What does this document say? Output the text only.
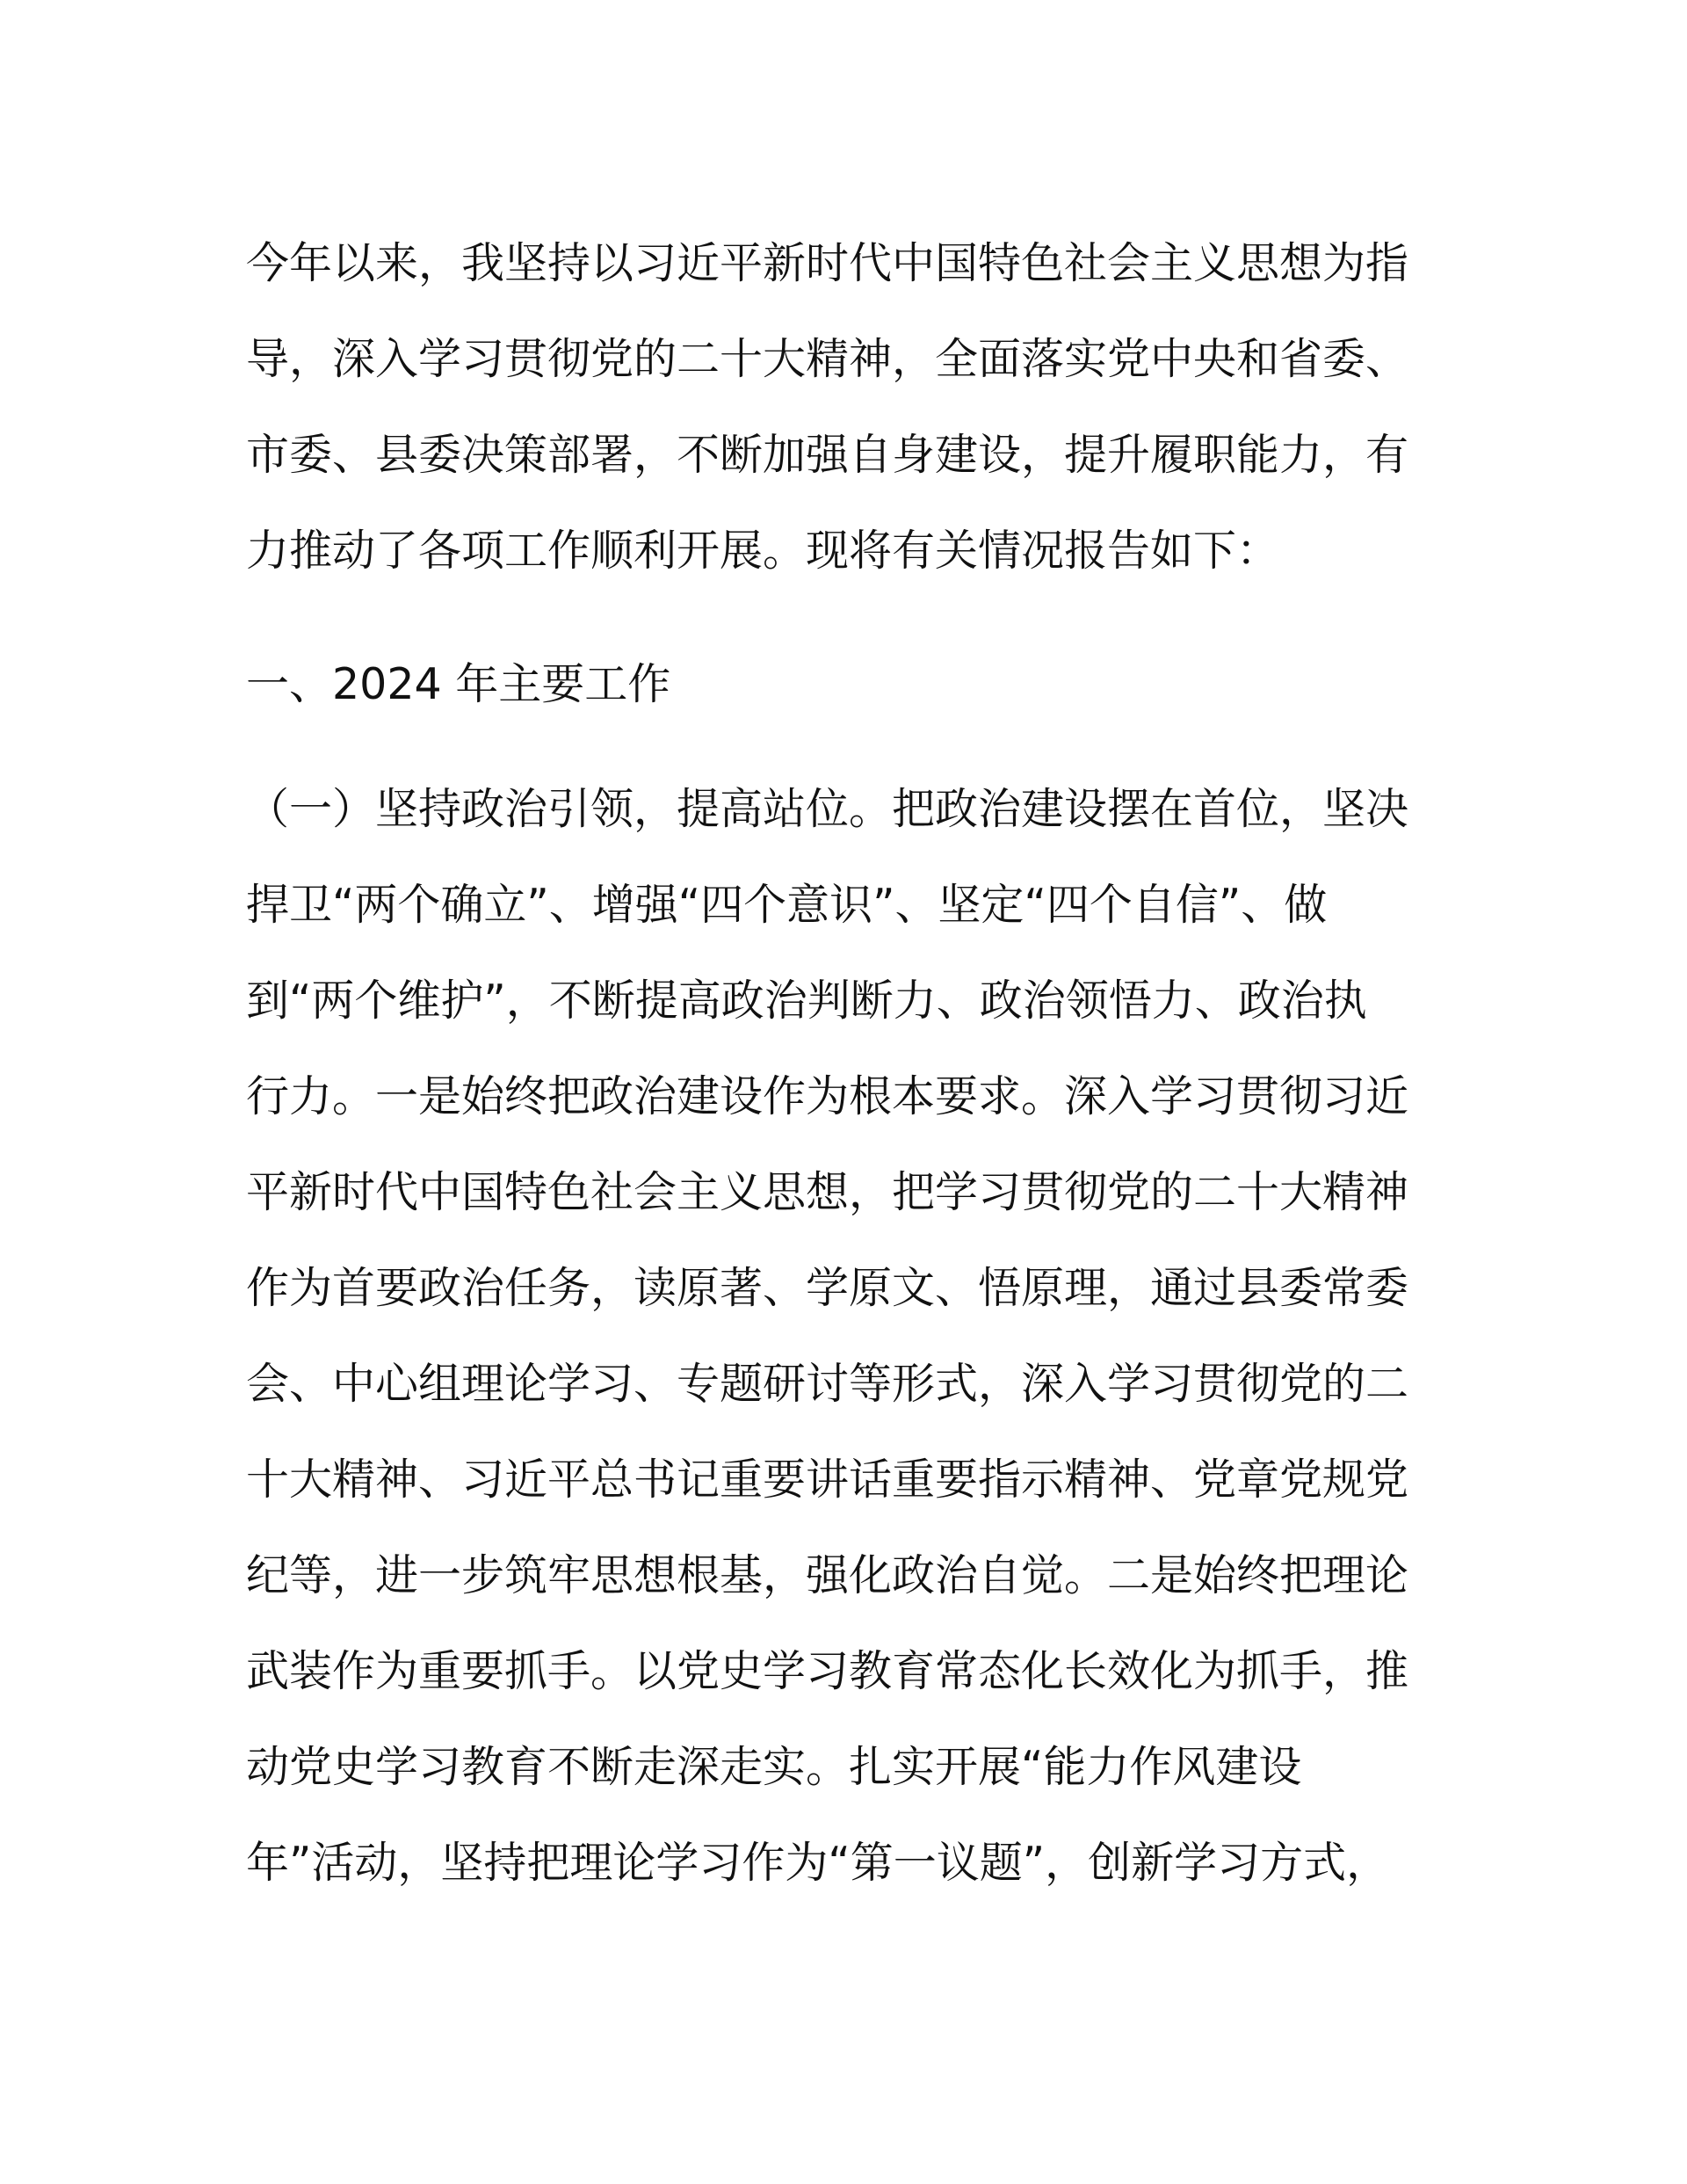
今年以来，我坚持以习近平新时代中国特色社会主义思想为指
导，深入学习贯彻党的二十大精神，全面落实党中央和省委、
市委、县委决策部署，不断加强自身建设，提升履职能力，有
力推动了各项工作顺利开展。现将有关情况报告如下：
一、2024 年主要工作
（一）坚持政治引领，提高站位。把政治建设摆在首位，坚决
捍卫“两个确立”、增强“四个意识”、坚定“四个自信”、做
到“两个维护”，不断提高政治判断力、政治领悟力、政治执
行力。一是始终把政治建设作为根本要求。深入学习贯彻习近
平新时代中国特色社会主义思想，把学习贯彻党的二十大精神
作为首要政治任务，读原著、学原文、悟原理，通过县委常委
会、中心组理论学习、专题研讨等形式，深入学习贯彻党的二
十大精神、习近平总书记重要讲话重要指示精神、党章党规党
纪等，进一步筑牢思想根基，强化政治自觉。二是始终把理论
武装作为重要抓手。以党史学习教育常态化长效化为抓手，推
动党史学习教育不断走深走实。扎实开展“能力作风建设
年”活动，坚持把理论学习作为“第一议题”，创新学习方式，
